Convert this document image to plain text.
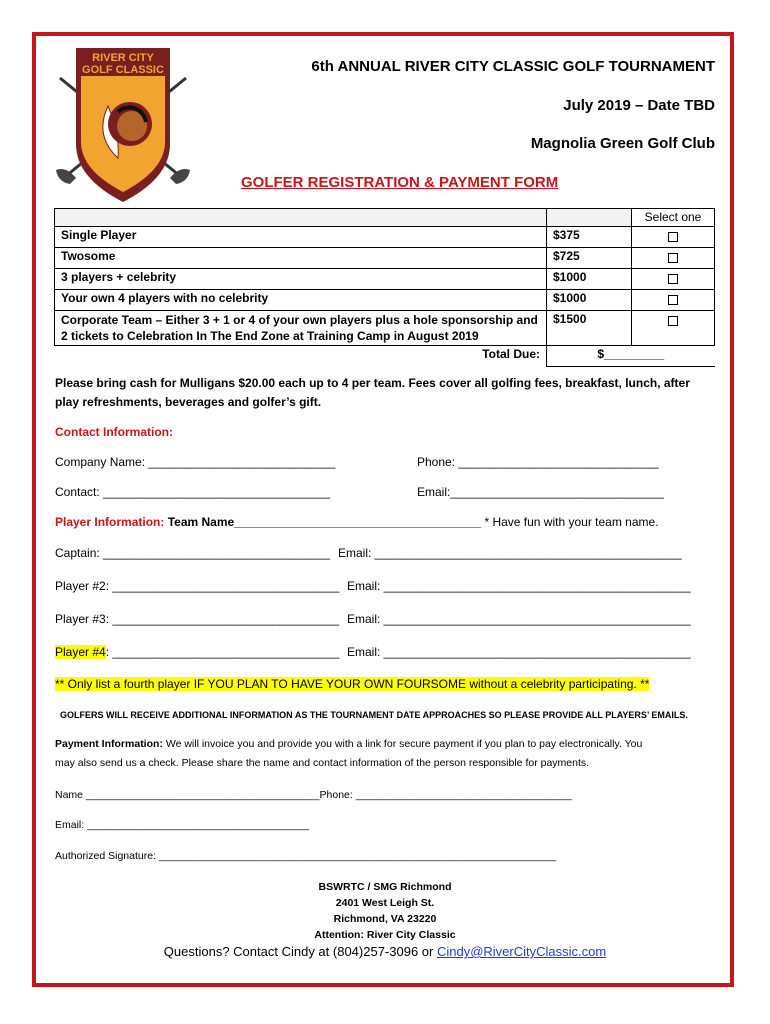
RIVER CITY
GOLF CLASSIC	6th ANNUAL RIVER CITY CLASSIC GOLF TOURNAMENT
July 2019 – Date TBD
Magnolia Green Golf Club
GOLFER REGISTRATION & PAYMENT FORM
		Select one
Single Player	$375	
Twosome	$725	
3 players + celebrity	$1000	
Your own 4 players with no celebrity	$1000	
Corporate Team – Either 3 + 1 or 4 of your own players plus a hole sponsorship and 2 tickets to Celebration In The End Zone at Training Camp in August 2019	$1500	
Total Due:	$_________	
Please bring cash for Mulligans $20.00 each up to 4 per team. Fees cover all golfing fees, breakfast, lunch, after
play refreshments, beverages and golfer’s gift.
Contact Information:
Company Name: ____________________________	Phone: ______________________________
Contact: __________________________________	Email:________________________________
Player Information: Team Name_____________________________________ * Have fun with your team name.
Captain: __________________________________ Email: ______________________________________________
Player #2: __________________________________ Email: ______________________________________________
Player #3: __________________________________ Email: ______________________________________________
Player #4: __________________________________ Email: ______________________________________________
** Only list a fourth player IF YOU PLAN TO HAVE YOUR OWN FOURSOME without a celebrity participating. **
GOLFERS WILL RECEIVE ADDITIONAL INFORMATION AS THE TOURNAMENT DATE APPROACHES SO PLEASE PROVIDE ALL PLAYERS’ EMAILS.
Payment Information: We will invoice you and provide you with a link for secure payment if you plan to pay electronically. You
may also send us a check. Please share the name and contact information of the person responsible for payments.
Name ________________________________________Phone: _____________________________________
Email: ______________________________________
Authorized Signature: ____________________________________________________________________
BSWRTC / SMG Richmond
2401 West Leigh St.
Richmond, VA 23220
Attention: River City Classic
Questions? Contact Cindy at (804)257-3096 or Cindy@RiverCityClassic.com
